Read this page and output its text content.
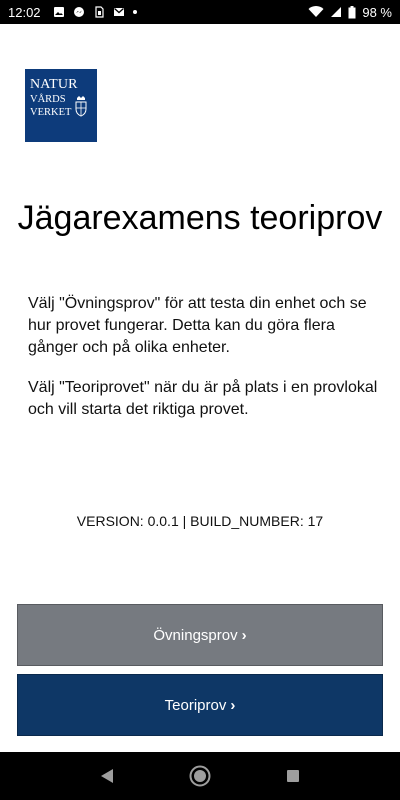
12:02	98 %
NATUR
VÅRDS
VERKET
Jägarexamens teoriprov

Välj "Övningsprov" för att testa din enhet och se hur provet fungerar. Detta kan du göra flera gånger och på olika enheter.

Välj "Teoriprovet" när du är på plats i en provlokal och vill starta det riktiga provet.

VERSION: 0.0.1 | BUILD_NUMBER: 17
Övningsprov ›
Teoriprov ›
